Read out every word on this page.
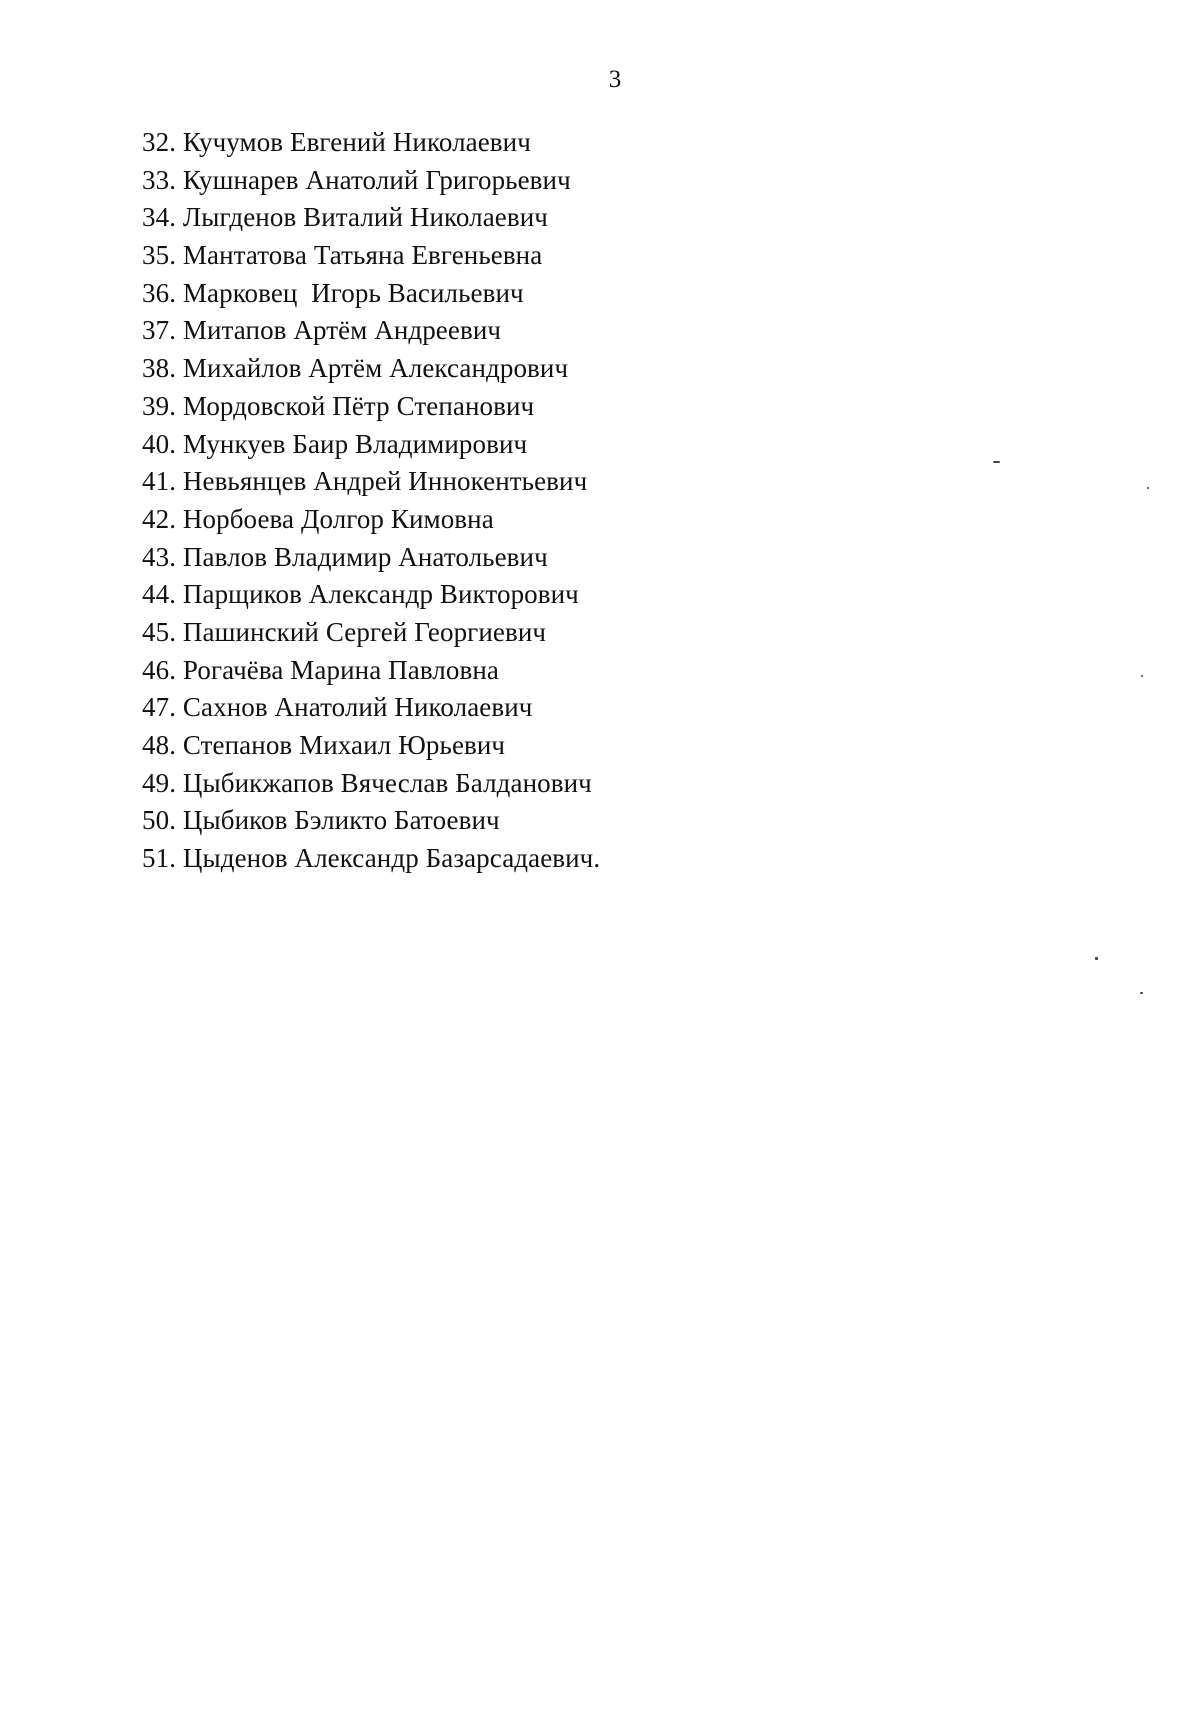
3
32. Кучумов Евгений Николаевич
33. Кушнарев Анатолий Григорьевич
34. Лыгденов Виталий Николаевич
35. Мантатова Татьяна Евгеньевна
36. Марковец  Игорь Васильевич
37. Митапов Артём Андреевич
38. Михайлов Артём Александрович
39. Мордовской Пётр Степанович
40. Мункуев Баир Владимирович
41. Невьянцев Андрей Иннокентьевич
42. Норбоева Долгор Кимовна
43. Павлов Владимир Анатольевич
44. Парщиков Александр Викторович
45. Пашинский Сергей Георгиевич
46. Рогачёва Марина Павловна
47. Сахнов Анатолий Николаевич
48. Степанов Михаил Юрьевич
49. Цыбикжапов Вячеслав Балданович
50. Цыбиков Бэликто Батоевич
51. Цыденов Александр Базарсадаевич.
